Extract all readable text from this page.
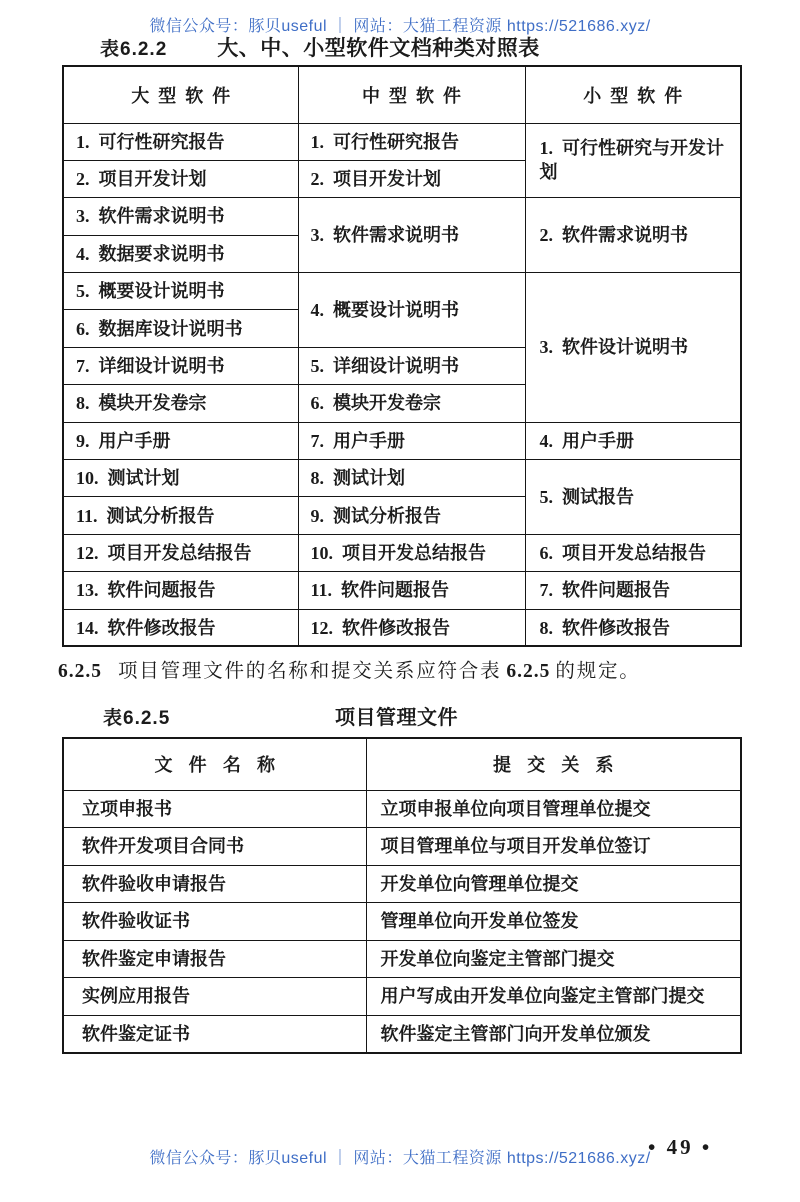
微信公众号：豚贝useful ｜ 网站：大猫工程资源 https://521686.xyz/
表6.2.2 大、中、小型软件文档种类对照表
大型软件	中型软件	小型软件
1. 可行性研究报告	1. 可行性研究报告	1. 可行性研究与开发计划
2. 项目开发计划	2. 项目开发计划	
3. 软件需求说明书	3. 软件需求说明书	2. 软件需求说明书
4. 数据要求说明书		
5. 概要设计说明书	4. 概要设计说明书	3. 软件设计说明书
6. 数据库设计说明书		
7. 详细设计说明书	5. 详细设计说明书	
8. 模块开发卷宗	6. 模块开发卷宗	
9. 用户手册	7. 用户手册	4. 用户手册
10. 测试计划	8. 测试计划	5. 测试报告
11. 测试分析报告	9. 测试分析报告	
12. 项目开发总结报告	10. 项目开发总结报告	6. 项目开发总结报告
13. 软件问题报告	11. 软件问题报告	7. 软件问题报告
14. 软件修改报告	12. 软件修改报告	8. 软件修改报告
6.2.5 项目管理文件的名称和提交关系应符合表 6.2.5 的规定。
表6.2.5	项目管理文件
文件名称	提交关系
立项申报书	立项申报单位向项目管理单位提交
软件开发项目合同书	项目管理单位与项目开发单位签订
软件验收申请报告	开发单位向管理单位提交
软件验收证书	管理单位向开发单位签发
软件鉴定申请报告	开发单位向鉴定主管部门提交
实例应用报告	用户写成由开发单位向鉴定主管部门提交
软件鉴定证书	软件鉴定主管部门向开发单位颁发
微信公众号：豚贝useful ｜ 网站：大猫工程资源 https://521686.xyz/
• 49 •
